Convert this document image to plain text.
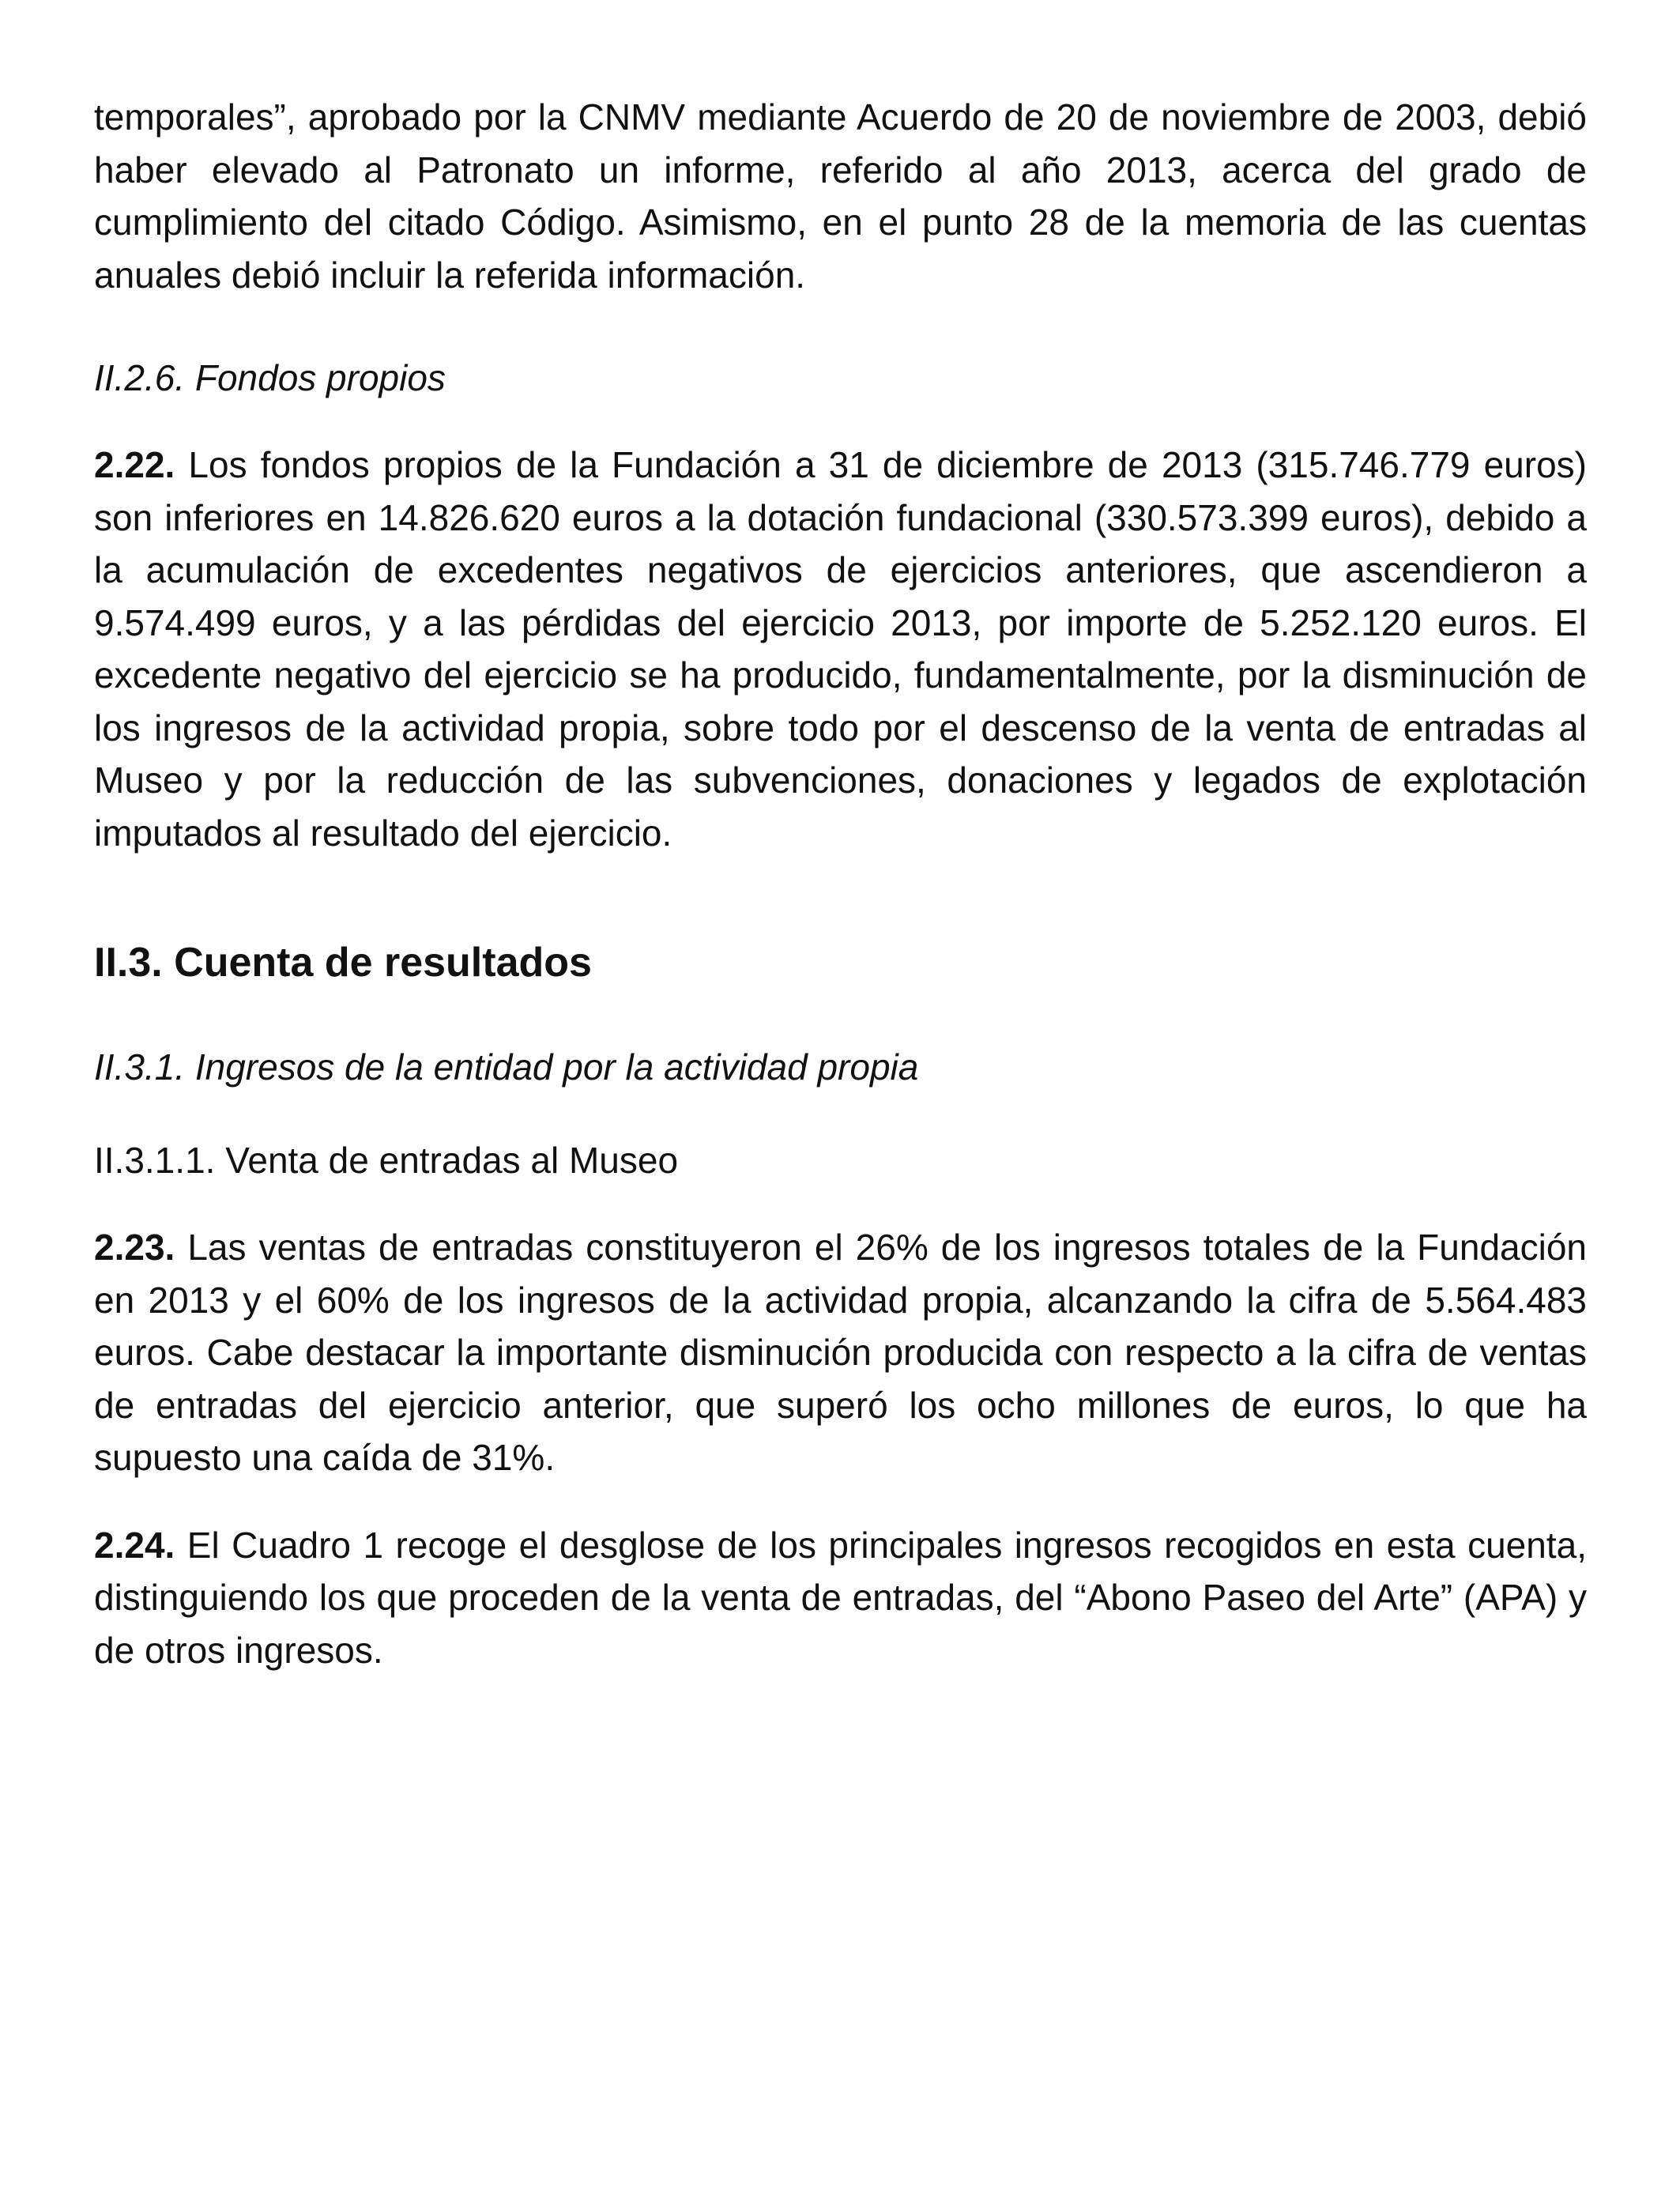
temporales”, aprobado por la CNMV mediante Acuerdo de 20 de noviembre de 2003, debió haber elevado al Patronato un informe, referido al año 2013, acerca del grado de cumplimiento del citado Código. Asimismo, en el punto 28 de la memoria de las cuentas anuales debió incluir la referida información.

II.2.6. Fondos propios

2.22. Los fondos propios de la Fundación a 31 de diciembre de 2013 (315.746.779 euros) son inferiores en 14.826.620 euros a la dotación fundacional (330.573.399 euros), debido a la acumulación de excedentes negativos de ejercicios anteriores, que ascendieron a 9.574.499 euros, y a las pérdidas del ejercicio 2013, por importe de 5.252.120 euros. El excedente negativo del ejercicio se ha producido, fundamentalmente, por la disminución de los ingresos de la actividad propia, sobre todo por el descenso de la venta de entradas al Museo y por la reducción de las subvenciones, donaciones y legados de explotación imputados al resultado del ejercicio.

II.3. Cuenta de resultados

II.3.1. Ingresos de la entidad por la actividad propia

II.3.1.1. Venta de entradas al Museo

2.23. Las ventas de entradas constituyeron el 26% de los ingresos totales de la Fundación en 2013 y el 60% de los ingresos de la actividad propia, alcanzando la cifra de 5.564.483 euros. Cabe destacar la importante disminución producida con respecto a la cifra de ventas de entradas del ejercicio anterior, que superó los ocho millones de euros, lo que ha supuesto una caída de 31%.

2.24. El Cuadro 1 recoge el desglose de los principales ingresos recogidos en esta cuenta, distinguiendo los que proceden de la venta de entradas, del “Abono Paseo del Arte” (APA) y de otros ingresos.
